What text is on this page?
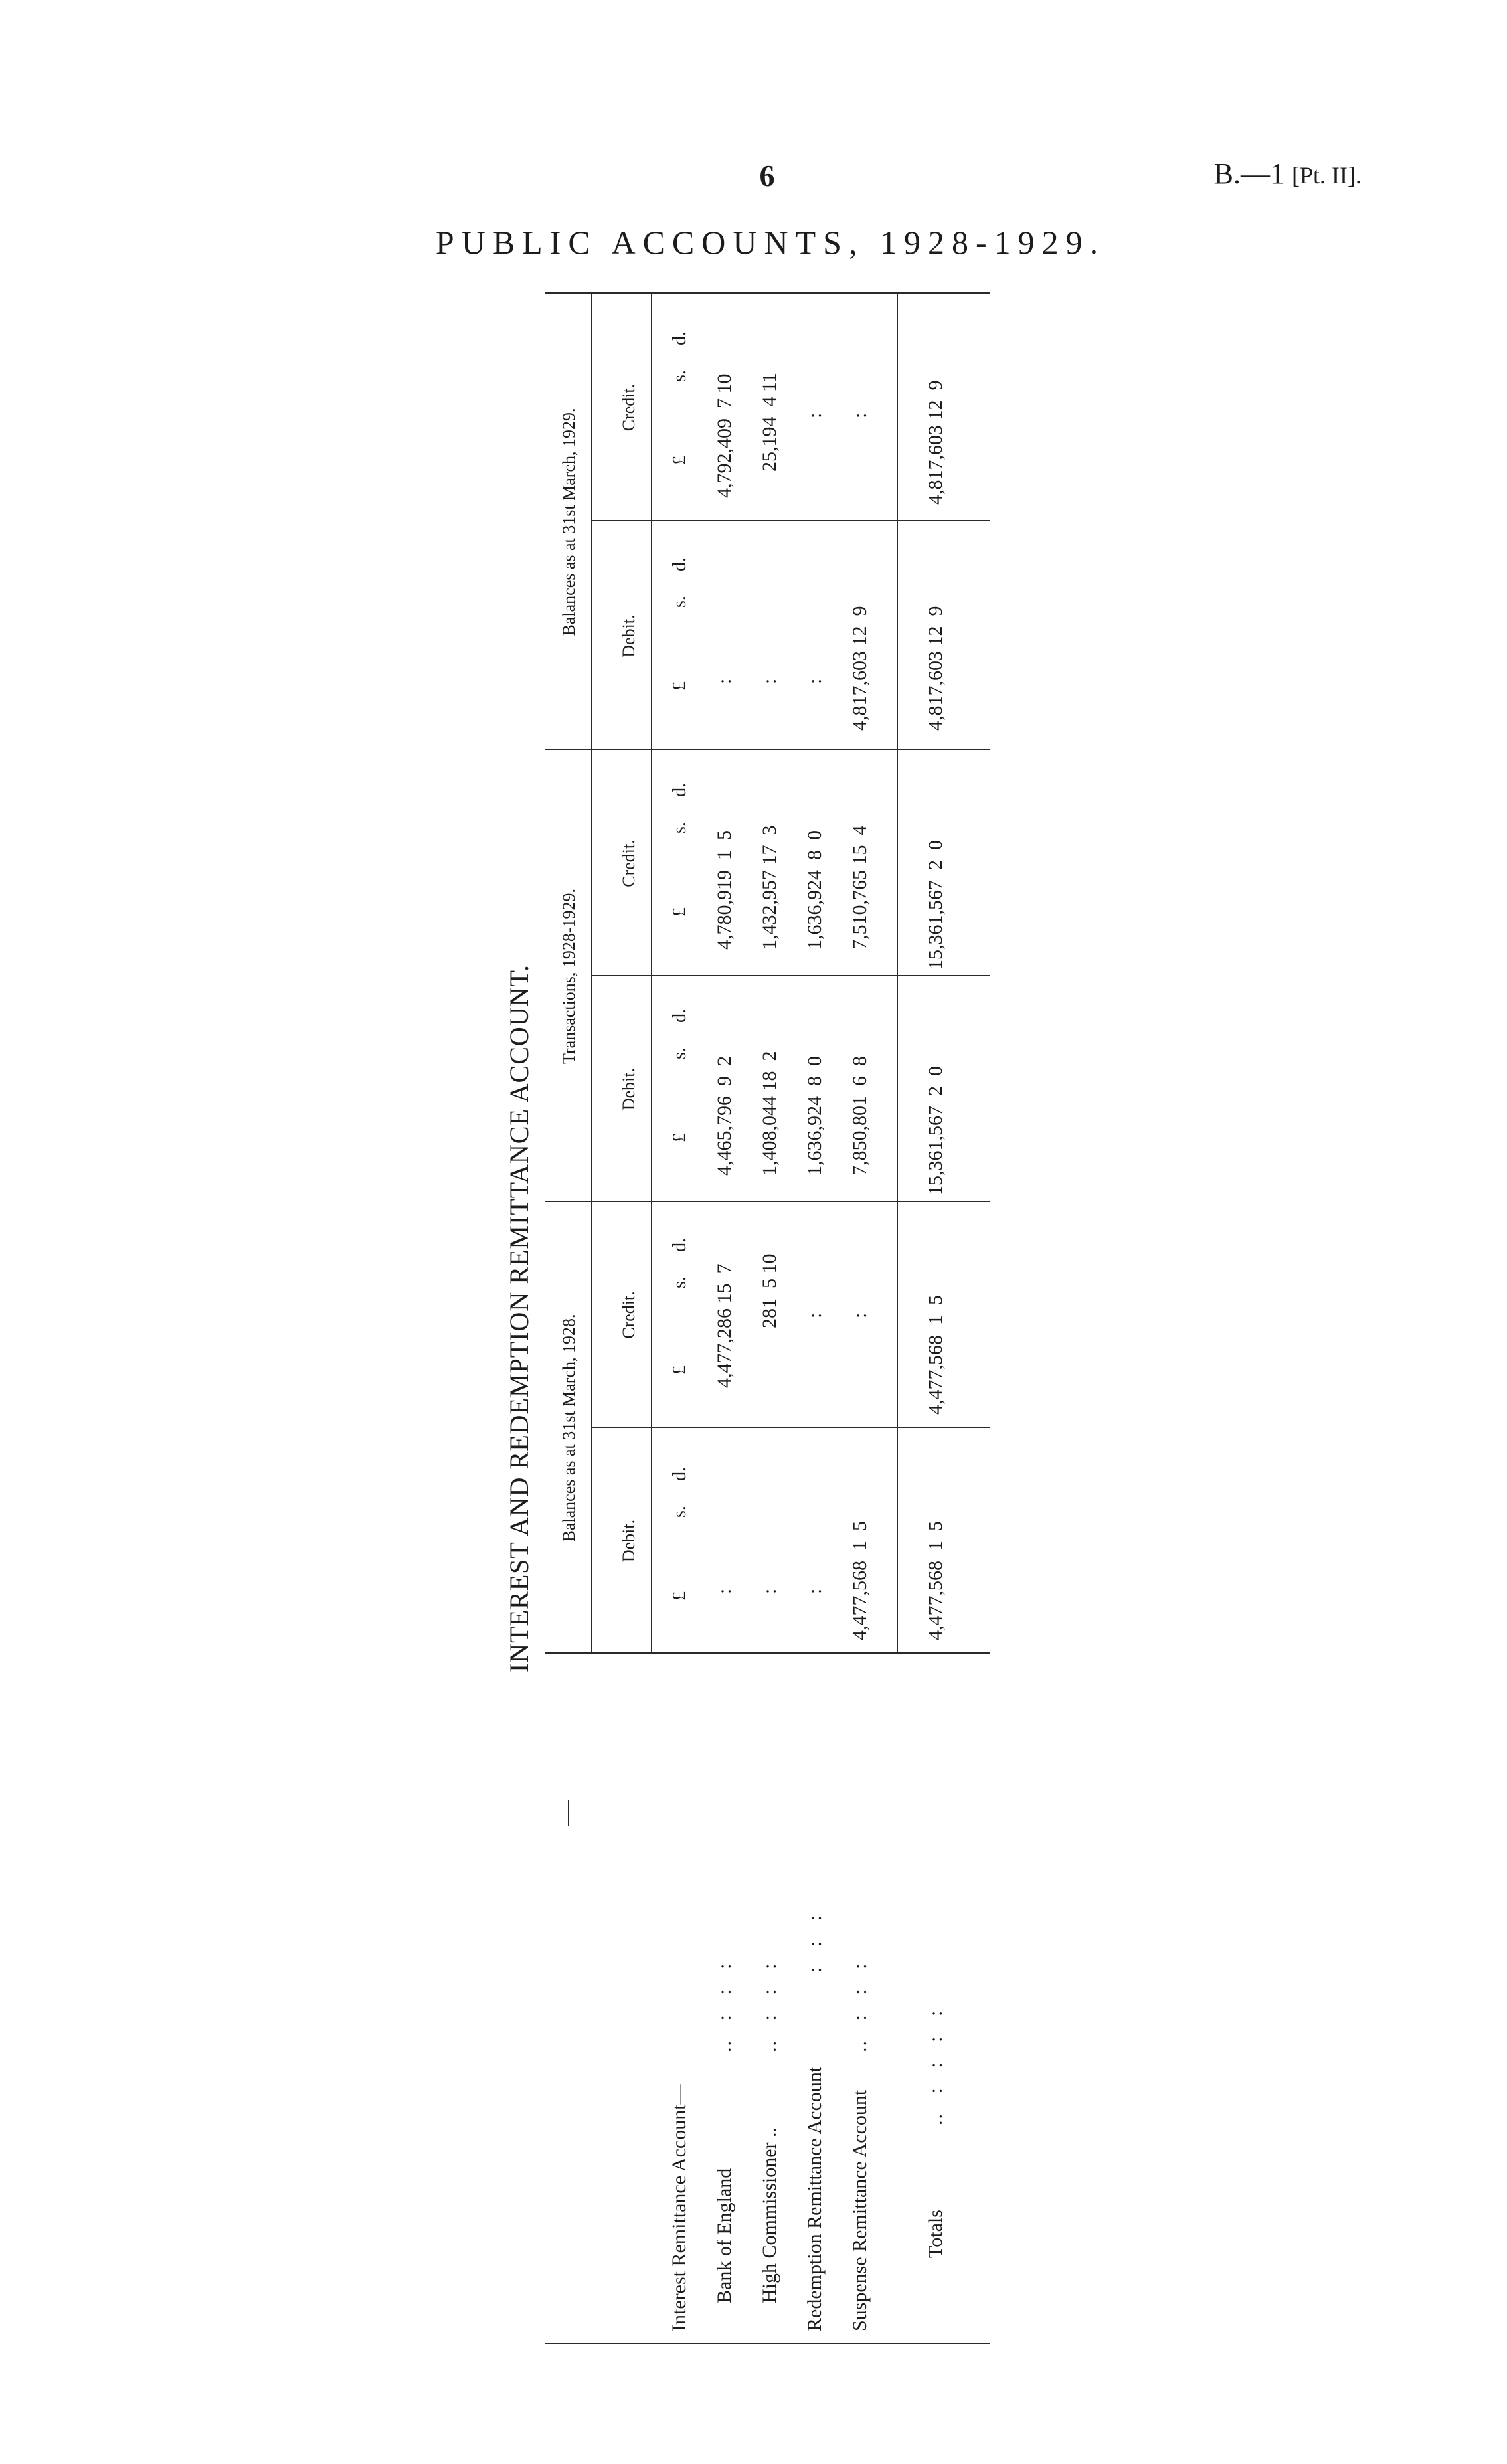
6	B.—1 [Pt. II].
PUBLIC ACCOUNTS, 1928-1929.
INTEREST AND REDEMPTION REMITTANCE ACCOUNT. Balances as at 31st March, 1928.
Transactions, 1928-1929.
Balances as at 31st March, 1929.
Debit.
Credit.
Debit.
Credit.
Debit.
Credit.
£
s.
d.
£
s.
d.
£
s.
d.
£
s.
d.
£
s.
d.
£
s.
d.
Interest Remittance Account— Bank of England High Commissioner .. Redemption Remittance Account Suspense Remittance Account	Totals
..   :   :   : ..   :   :   :
:   :   :
..   :   :   :
..   :   :   :   :
:
4,477,286 15  7
4,465,796  9  2
4,780,919  1  5
:
4,792,409  7 10
:
281  5 10
1,408,044 18  2
1,432,957 17  3
:
25,194  4 11
:
:
1,636,924  8  0
1,636,924  8  0
:
:
4,477,568  1  5
:
7,850,801  6  8
7,510,765 15  4
4,817,603 12  9
:
4,477,568  1  5
4,477,568  1  5
15,361,567  2  0
15,361,567  2  0
4,817,603 12  9
4,817,603 12  9
